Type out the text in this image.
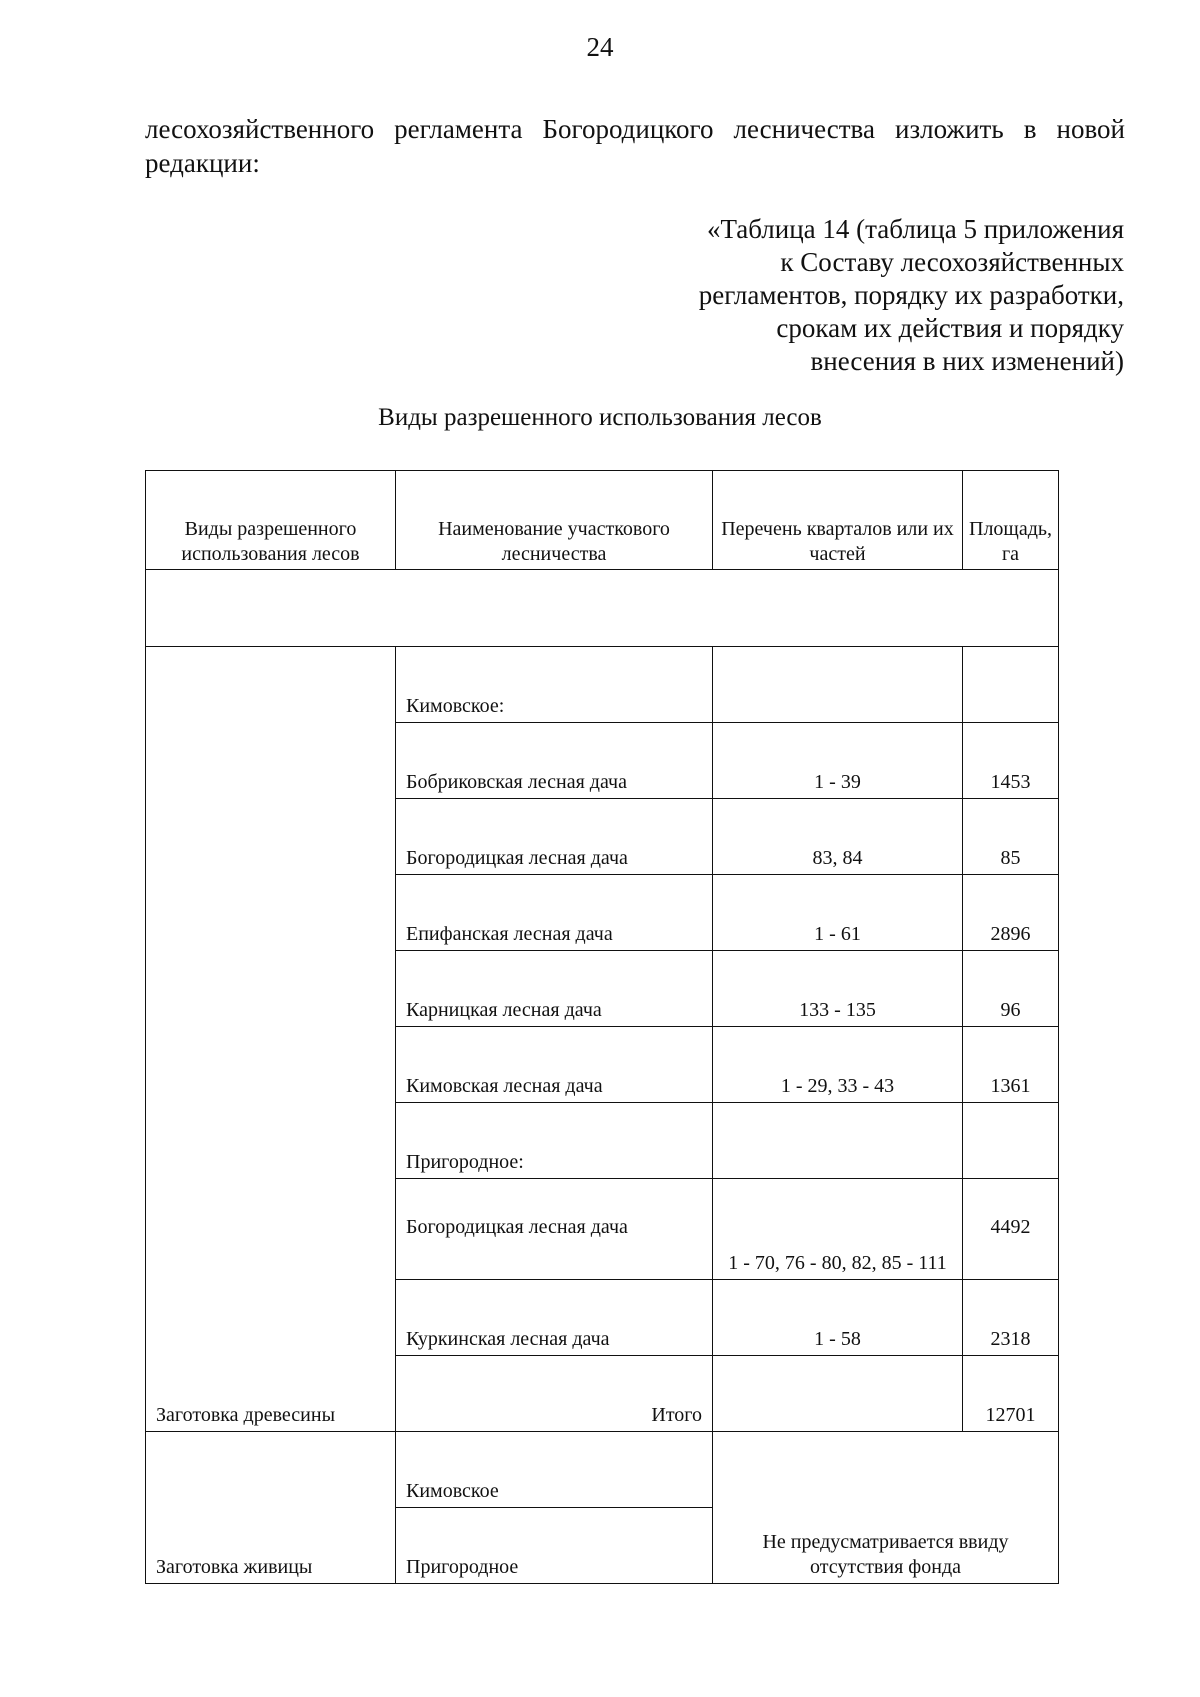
24
лесохозяйственного регламента Богородицкого лесничества изложить в новой редакции:
«Таблица 14 (таблица 5 приложения
к Составу лесохозяйственных
регламентов, порядку их разработки,
срокам их действия и порядку
внесения в них изменений)
Виды разрешенного использования лесов
Виды разрешенного использования лесов	Наименование участкового лесничества	Перечень кварталов или их частей	Площадь, га

Заготовка древесины	Кимовское:		
	Бобриковская лесная дача	1 - 39	1453
	Богородицкая лесная дача	83, 84	85
	Епифанская лесная дача	1 - 61	2896
	Карницкая лесная дача	133 - 135	96
	Кимовская лесная дача	1 - 29, 33 - 43	1361
	Пригородное:		
	Богородицкая лесная дача	1 - 70, 76 - 80, 82, 85 - 111	4492
	Куркинская лесная дача	1 - 58	2318
	Итого		12701
Заготовка живицы	Кимовское	Не предусматривается ввиду отсутствия фонда	
	Пригородное		
